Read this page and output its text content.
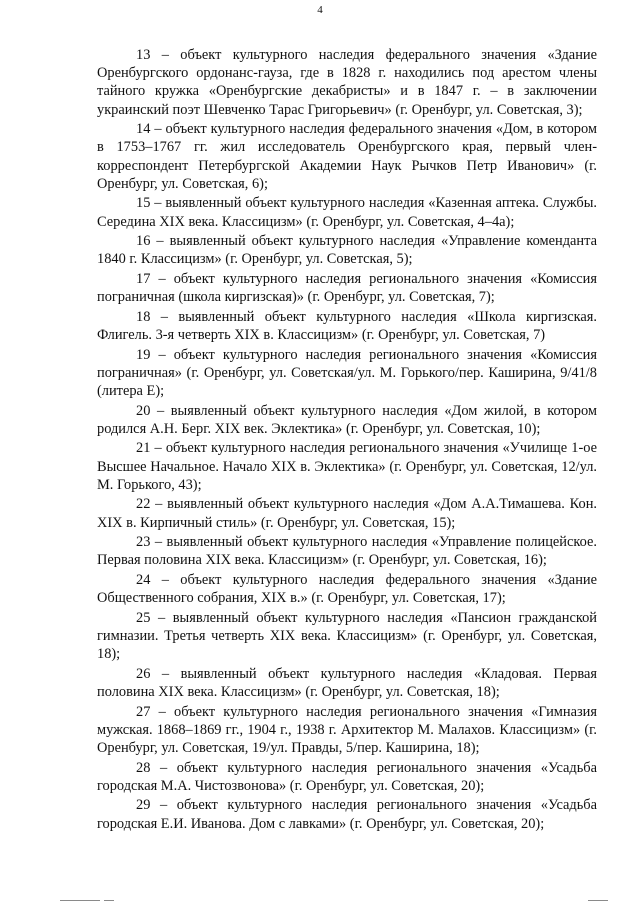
4

13 – объект культурного наследия федерального значения «Здание Оренбургского ордонанс-гауза, где в 1828 г. находились под арестом члены тайного кружка «Оренбургские декабристы» и в 1847 г. – в заключении украинский поэт Шевченко Тарас Григорьевич» (г. Оренбург, ул. Советская, 3);

14 – объект культурного наследия федерального значения «Дом, в котором в 1753–1767 гг. жил исследователь Оренбургского края, первый член-корреспондент Петербургской Академии Наук Рычков Петр Иванович» (г. Оренбург, ул. Советская, 6);

15 – выявленный объект культурного наследия «Казенная аптека. Службы. Середина XIX века. Классицизм» (г. Оренбург, ул. Советская, 4–4а);

16 – выявленный объект культурного наследия «Управление коменданта 1840 г. Классицизм» (г. Оренбург, ул. Советская, 5);

17 – объект культурного наследия регионального значения «Комиссия пограничная (школа киргизская)» (г. Оренбург, ул. Советская, 7);

18 – выявленный объект культурного наследия «Школа киргизская. Флигель. 3-я четверть XIX в. Классицизм» (г. Оренбург, ул. Советская, 7)

19 – объект культурного наследия регионального значения «Комиссия пограничная» (г. Оренбург, ул. Советская/ул. М. Горького/пер. Каширина, 9/41/8 (литера Е);

20 – выявленный объект культурного наследия «Дом жилой, в котором родился А.Н. Берг. XIX век. Эклектика» (г. Оренбург, ул. Советская, 10);

21 – объект культурного наследия регионального значения «Училище 1-ое Высшее Начальное. Начало XIX в. Эклектика» (г. Оренбург, ул. Советская, 12/ул. М. Горького, 43);

22 – выявленный объект культурного наследия «Дом А.А.Тимашева. Кон. XIX в. Кирпичный стиль» (г. Оренбург, ул. Советская, 15);

23 – выявленный объект культурного наследия «Управление полицейское. Первая половина XIX века. Классицизм» (г. Оренбург, ул. Советская, 16);

24 – объект культурного наследия федерального значения «Здание Общественного собрания, XIX в.» (г. Оренбург, ул. Советская, 17);

25 – выявленный объект культурного наследия «Пансион гражданской гимназии. Третья четверть XIX века. Классицизм» (г. Оренбург, ул. Советская, 18);

26 – выявленный объект культурного наследия «Кладовая. Первая половина XIX века. Классицизм» (г. Оренбург, ул. Советская, 18);

27 – объект культурного наследия регионального значения «Гимназия мужская. 1868–1869 гг., 1904 г., 1938 г. Архитектор М. Малахов. Классицизм» (г. Оренбург, ул. Советская, 19/ул. Правды, 5/пер. Каширина, 18);

28 – объект культурного наследия регионального значения «Усадьба городская М.А. Чистозвонова» (г. Оренбург, ул. Советская, 20);

29 – объект культурного наследия регионального значения «Усадьба городская Е.И. Иванова. Дом с лавками» (г. Оренбург, ул. Советская, 20);
